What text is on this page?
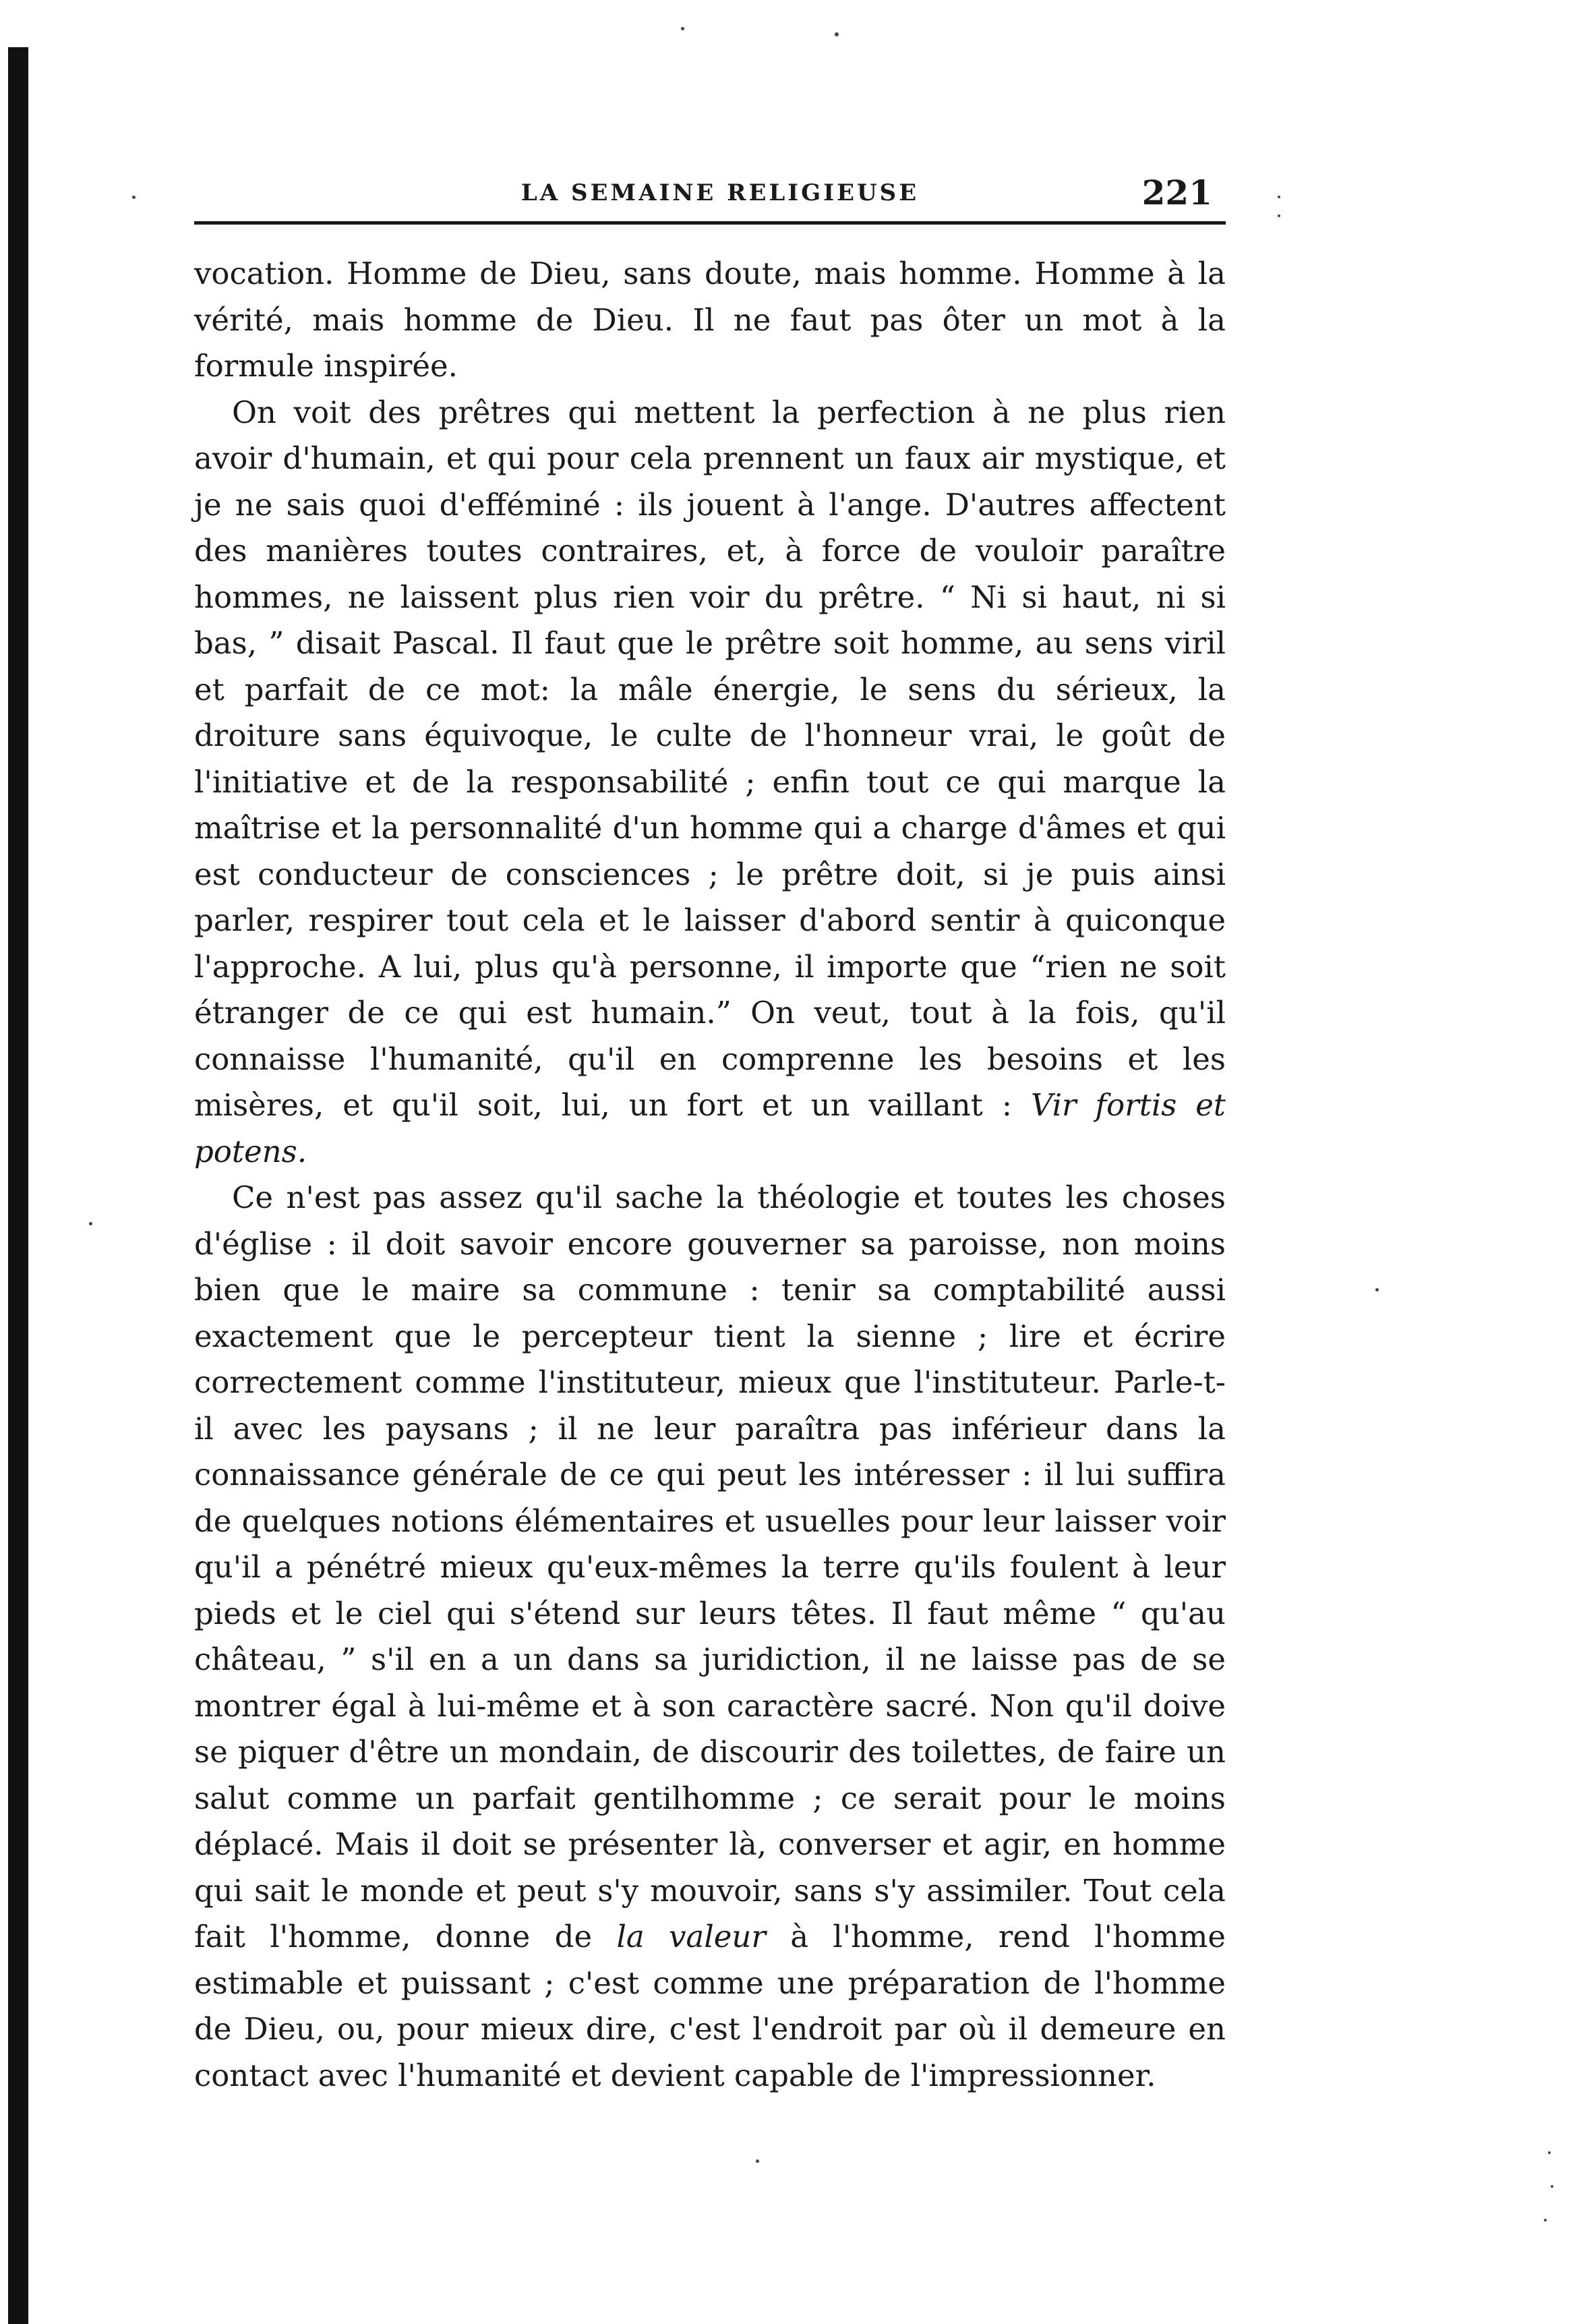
LA SEMAINE RELIGIEUSE	221

vocation. Homme de Dieu, sans doute, mais homme. Homme à la vérité, mais homme de Dieu. Il ne faut pas ôter un mot à la formule inspirée.

On voit des prêtres qui mettent la perfection à ne plus rien avoir d'humain, et qui pour cela prennent un faux air mystique, et je ne sais quoi d'efféminé : ils jouent à l'ange. D'autres affectent des manières toutes contraires, et, à force de vouloir paraître hommes, ne laissent plus rien voir du prêtre. “ Ni si haut, ni si bas, ” disait Pascal. Il faut que le prêtre soit homme, au sens viril et parfait de ce mot: la mâle énergie, le sens du sérieux, la droiture sans équivoque, le culte de l'honneur vrai, le goût de l'initiative et de la responsabilité ; enfin tout ce qui marque la maîtrise et la personnalité d'un homme qui a charge d'âmes et qui est conducteur de consciences ; le prêtre doit, si je puis ainsi parler, respirer tout cela et le laisser d'abord sentir à quiconque l'approche. A lui, plus qu'à personne, il importe que “rien ne soit étranger de ce qui est humain.” On veut, tout à la fois, qu'il connaisse l'humanité, qu'il en comprenne les besoins et les misères, et qu'il soit, lui, un fort et un vaillant : Vir fortis et potens.

Ce n'est pas assez qu'il sache la théologie et toutes les choses d'église : il doit savoir encore gouverner sa paroisse, non moins bien que le maire sa commune : tenir sa comptabilité aussi exactement que le percepteur tient la sienne ; lire et écrire correctement comme l'instituteur, mieux que l'instituteur. Parle-t-il avec les paysans ; il ne leur paraîtra pas inférieur dans la connaissance générale de ce qui peut les intéresser : il lui suffira de quelques notions élémentaires et usuelles pour leur laisser voir qu'il a pénétré mieux qu'eux-mêmes la terre qu'ils foulent à leur pieds et le ciel qui s'étend sur leurs têtes. Il faut même “ qu'au château, ” s'il en a un dans sa juridiction, il ne laisse pas de se montrer égal à lui-même et à son caractère sacré. Non qu'il doive se piquer d'être un mondain, de discourir des toilettes, de faire un salut comme un parfait gentilhomme ; ce serait pour le moins déplacé. Mais il doit se présenter là, converser et agir, en homme qui sait le monde et peut s'y mouvoir, sans s'y assimiler. Tout cela fait l'homme, donne de la valeur à l'homme, rend l'homme estimable et puissant ; c'est comme une préparation de l'homme de Dieu, ou, pour mieux dire, c'est l'endroit par où il demeure en contact avec l'humanité et devient capable de l'impressionner.
